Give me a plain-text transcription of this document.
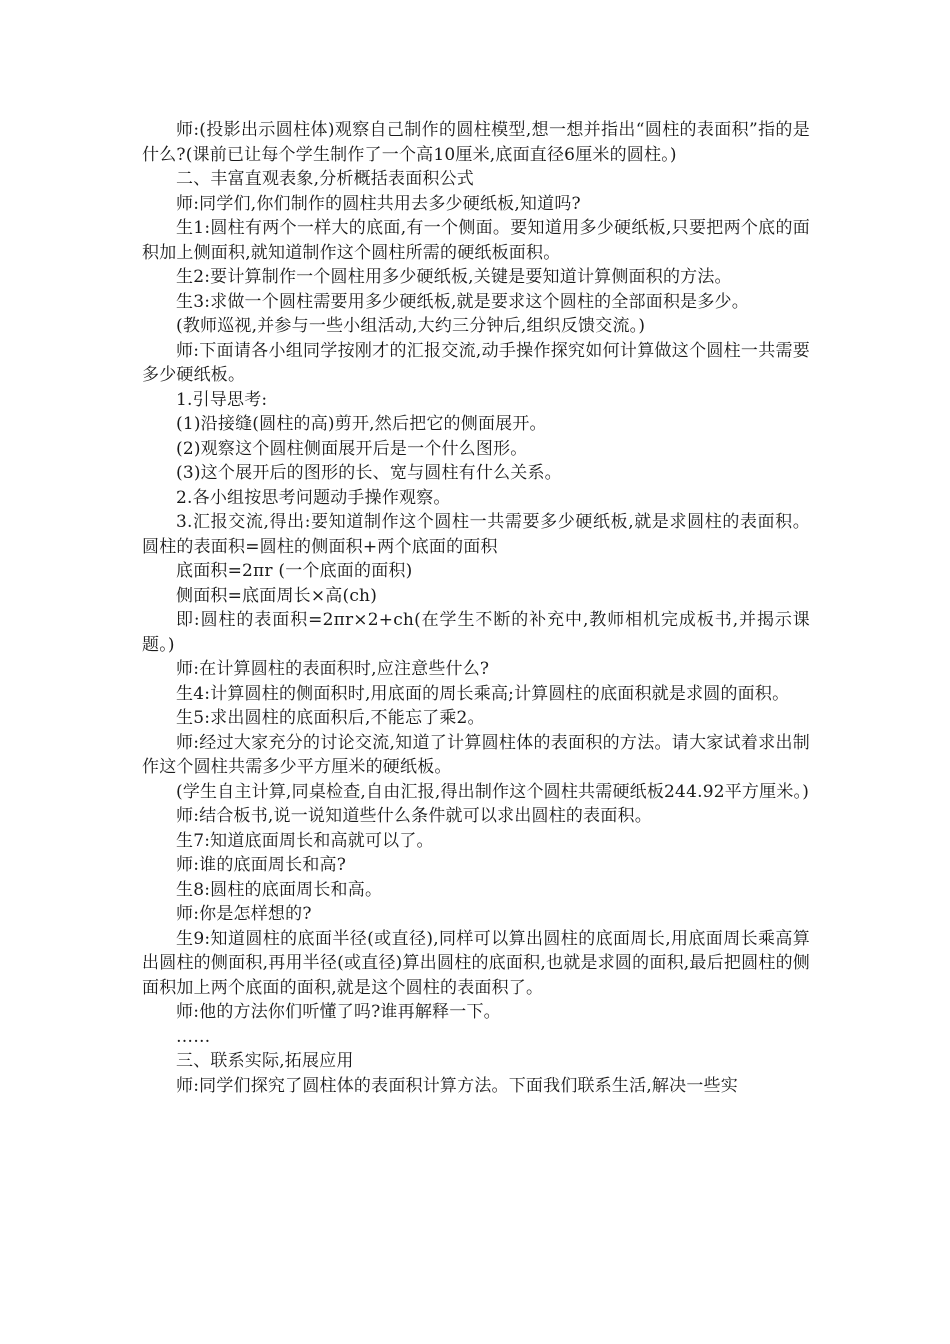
师:(投影出示圆柱体)观察自己制作的圆柱模型,想一想并指出“圆柱的表面积”指的是什么?(课前已让每个学生制作了一个高10厘米,底面直径6厘米的圆柱。)

二、丰富直观表象,分析概括表面积公式

师:同学们,你们制作的圆柱共用去多少硬纸板,知道吗?

生1:圆柱有两个一样大的底面,有一个侧面。要知道用多少硬纸板,只要把两个底的面积加上侧面积,就知道制作这个圆柱所需的硬纸板面积。

生2:要计算制作一个圆柱用多少硬纸板,关键是要知道计算侧面积的方法。

生3:求做一个圆柱需要用多少硬纸板,就是要求这个圆柱的全部面积是多少。

(教师巡视,并参与一些小组活动,大约三分钟后,组织反馈交流。)

师:下面请各小组同学按刚才的汇报交流,动手操作探究如何计算做这个圆柱一共需要多少硬纸板。

1.引导思考:

(1)沿接缝(圆柱的高)剪开,然后把它的侧面展开。

(2)观察这个圆柱侧面展开后是一个什么图形。

(3)这个展开后的图形的长、宽与圆柱有什么关系。

2.各小组按思考问题动手操作观察。

3.汇报交流,得出:要知道制作这个圆柱一共需要多少硬纸板,就是求圆柱的表面积。圆柱的表面积=圆柱的侧面积+两个底面的面积

底面积=2πr (一个底面的面积)

侧面积=底面周长×高(ch)

即:圆柱的表面积=2πr×2+ch(在学生不断的补充中,教师相机完成板书,并揭示课题。)

师:在计算圆柱的表面积时,应注意些什么?

生4:计算圆柱的侧面积时,用底面的周长乘高;计算圆柱的底面积就是求圆的面积。

生5:求出圆柱的底面积后,不能忘了乘2。

师:经过大家充分的讨论交流,知道了计算圆柱体的表面积的方法。请大家试着求出制作这个圆柱共需多少平方厘米的硬纸板。

(学生自主计算,同桌检查,自由汇报,得出制作这个圆柱共需硬纸板244.92平方厘米。)

师:结合板书,说一说知道些什么条件就可以求出圆柱的表面积。

生7:知道底面周长和高就可以了。

师:谁的底面周长和高?

生8:圆柱的底面周长和高。

师:你是怎样想的?

生9:知道圆柱的底面半径(或直径),同样可以算出圆柱的底面周长,用底面周长乘高算出圆柱的侧面积,再用半径(或直径)算出圆柱的底面积,也就是求圆的面积,最后把圆柱的侧面积加上两个底面的面积,就是这个圆柱的表面积了。

师:他的方法你们听懂了吗?谁再解释一下。

……

三、联系实际,拓展应用

师:同学们探究了圆柱体的表面积计算方法。下面我们联系生活,解决一些实
